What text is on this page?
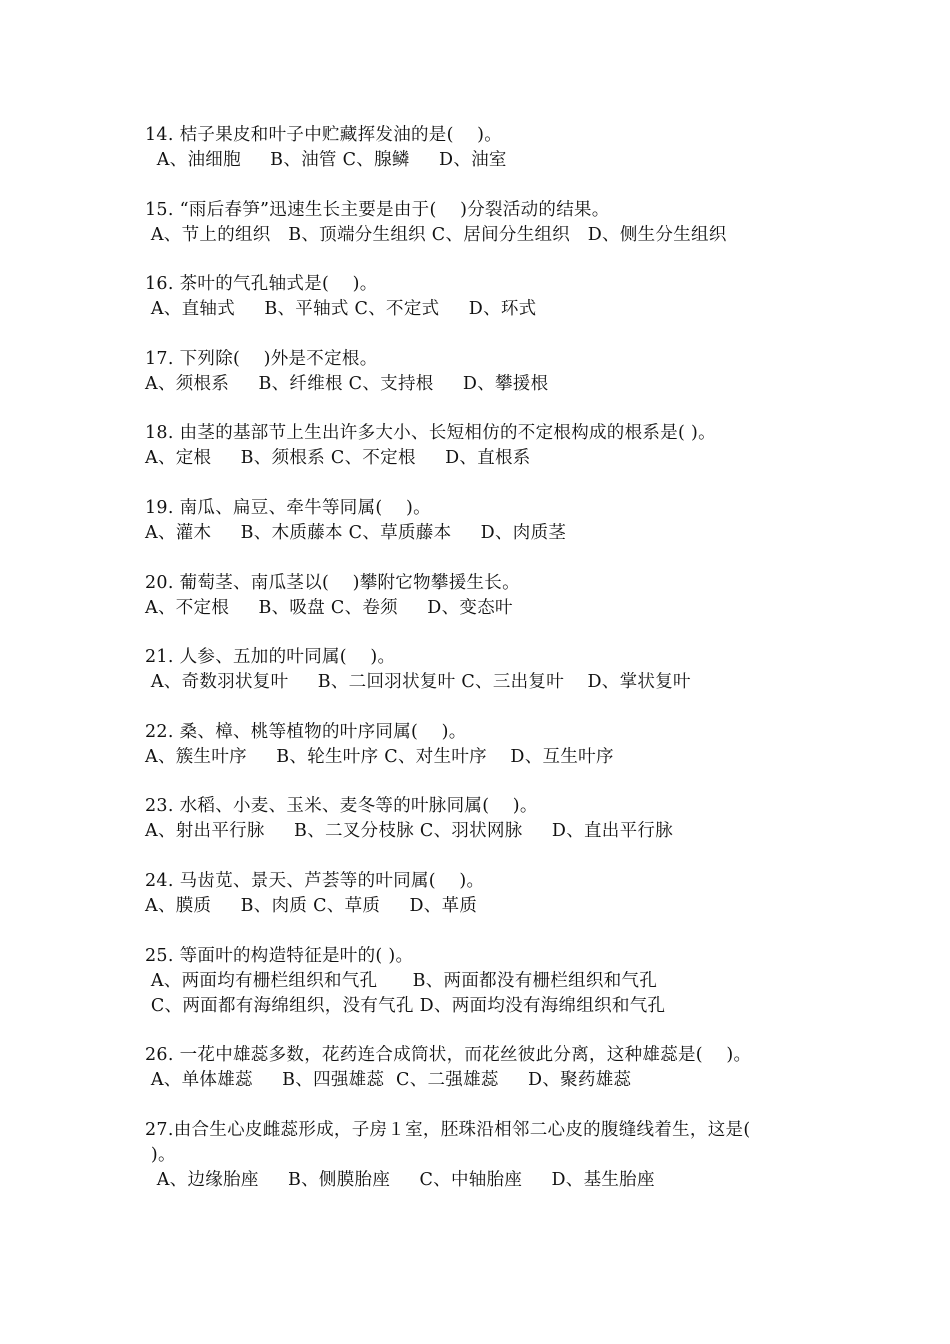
14. 桔子果皮和叶子中贮藏挥发油的是(    )。
A、油细胞     B、油管 C、腺鳞     D、油室
15. “雨后春笋”迅速生长主要是由于(    )分裂活动的结果。
A、节上的组织   B、顶端分生组织 C、居间分生组织   D、侧生分生组织
16. 茶叶的气孔轴式是(    )。
A、直轴式     B、平轴式 C、不定式     D、环式
17. 下列除(    )外是不定根。
A、须根系     B、纤维根 C、支持根     D、攀援根
18. 由茎的基部节上生出许多大小、长短相仿的不定根构成的根系是( )。
A、定根     B、须根系 C、不定根     D、直根系
19. 南瓜、扁豆、牵牛等同属(    )。
A、灌木     B、木质藤本 C、草质藤本     D、肉质茎
20. 葡萄茎、南瓜茎以(    )攀附它物攀援生长。
A、不定根     B、吸盘 C、卷须     D、变态叶
21. 人参、五加的叶同属(    )。
A、奇数羽状复叶     B、二回羽状复叶 C、三出复叶    D、掌状复叶
22. 桑、樟、桃等植物的叶序同属(    )。
A、簇生叶序     B、轮生叶序 C、对生叶序    D、互生叶序
23. 水稻、小麦、玉米、麦冬等的叶脉同属(    )。
A、射出平行脉     B、二叉分枝脉 C、羽状网脉     D、直出平行脉
24. 马齿苋、景天、芦荟等的叶同属(    )。
A、膜质     B、肉质 C、草质     D、革质
25. 等面叶的构造特征是叶的( )。
A、两面均有栅栏组织和气孔      B、两面都没有栅栏组织和气孔
C、两面都有海绵组织，没有气孔 D、两面均没有海绵组织和气孔
26. 一花中雄蕊多数，花药连合成筒状，而花丝彼此分离，这种雄蕊是(    )。
A、单体雄蕊     B、四强雄蕊  C、二强雄蕊     D、聚药雄蕊
27.由合生心皮雌蕊形成，子房１室，胚珠沿相邻二心皮的腹缝线着生，这是(
)。
A、边缘胎座     B、侧膜胎座     C、中轴胎座     D、基生胎座
